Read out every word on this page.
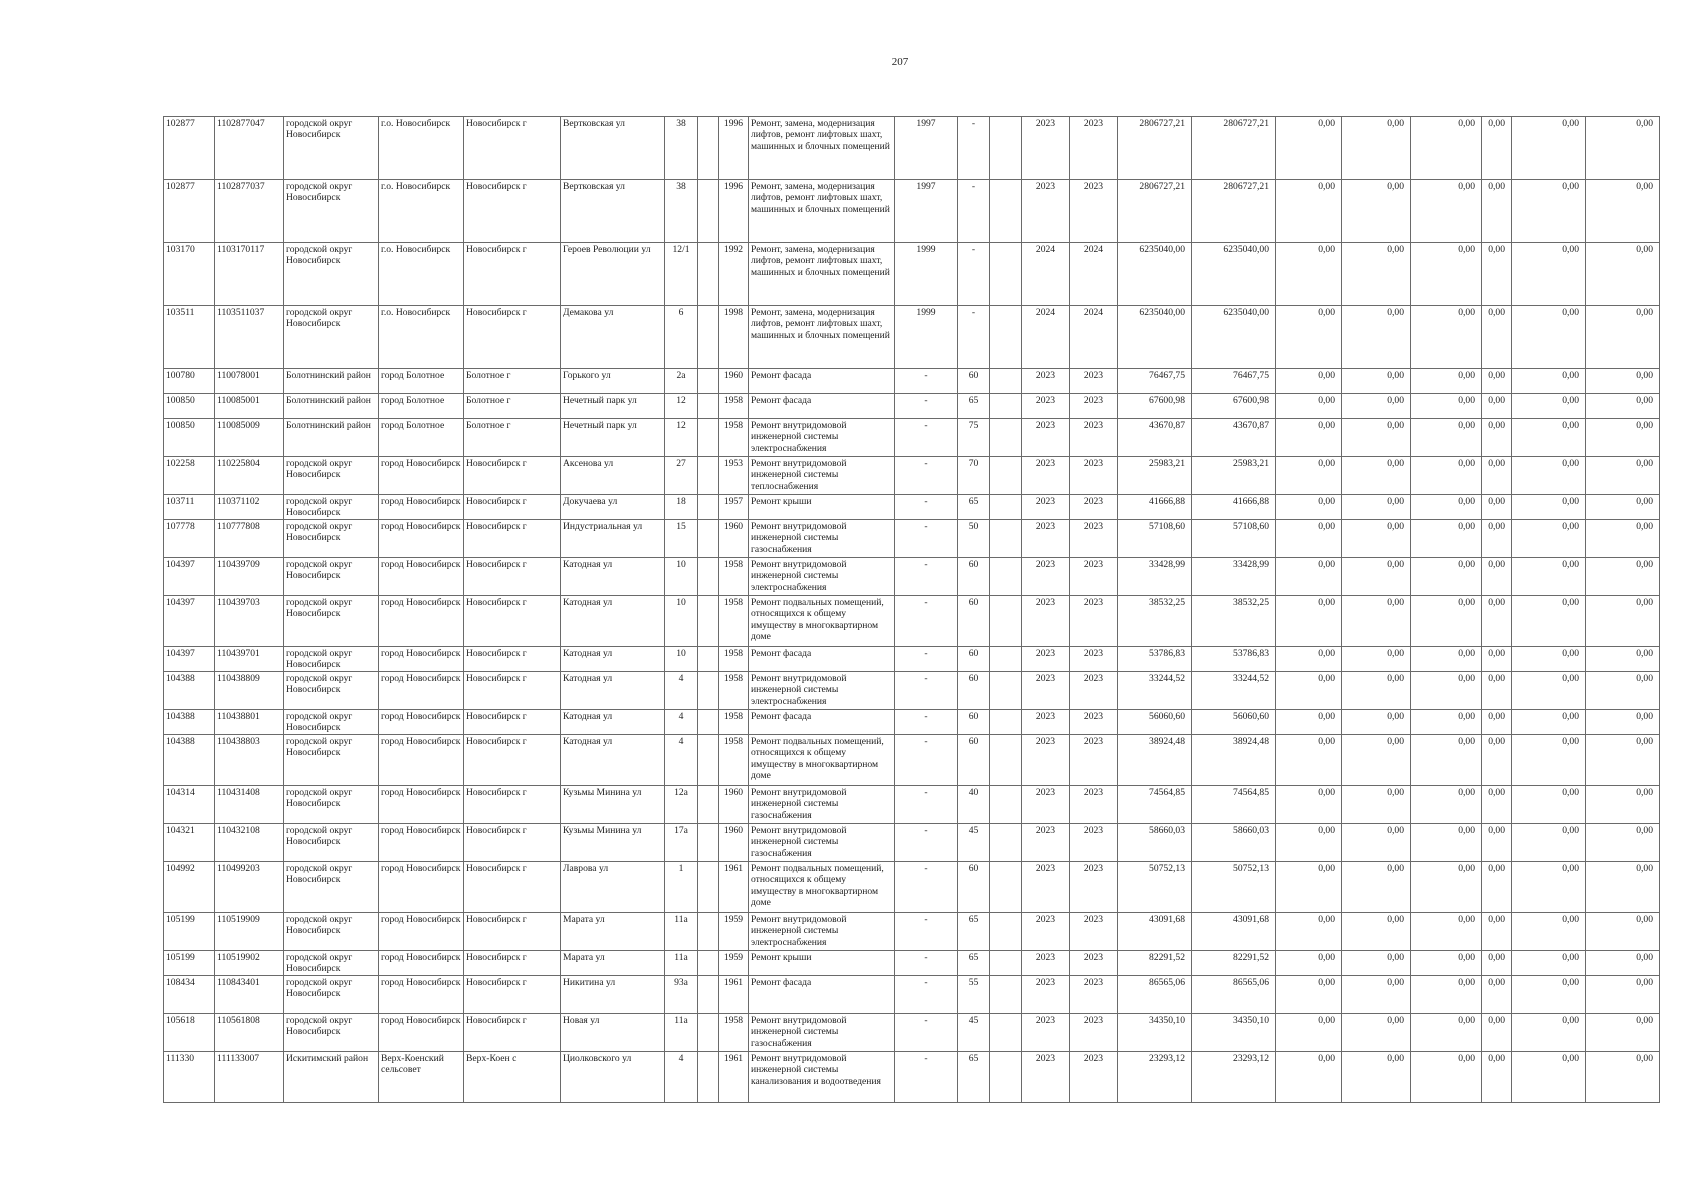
207
102877	1102877047	городской округ Новосибирск	г.о. Новосибирск	Новосибирск г	Вертковская ул	38		1996	Ремонт, замена, модернизация лифтов, ремонт лифтовых шахт, машинных и блочных помещений	1997	-		2023	2023	2806727,21	2806727,21	0,00	0,00	0,00	0,00	0,00	0,00
102877	1102877037	городской округ Новосибирск	г.о. Новосибирск	Новосибирск г	Вертковская ул	38		1996	Ремонт, замена, модернизация лифтов, ремонт лифтовых шахт, машинных и блочных помещений	1997	-		2023	2023	2806727,21	2806727,21	0,00	0,00	0,00	0,00	0,00	0,00
103170	1103170117	городской округ Новосибирск	г.о. Новосибирск	Новосибирск г	Героев Революции ул	12/1		1992	Ремонт, замена, модернизация лифтов, ремонт лифтовых шахт, машинных и блочных помещений	1999	-		2024	2024	6235040,00	6235040,00	0,00	0,00	0,00	0,00	0,00	0,00
103511	1103511037	городской округ Новосибирск	г.о. Новосибирск	Новосибирск г	Демакова ул	6		1998	Ремонт, замена, модернизация лифтов, ремонт лифтовых шахт, машинных и блочных помещений	1999	-		2024	2024	6235040,00	6235040,00	0,00	0,00	0,00	0,00	0,00	0,00
100780	110078001	Болотнинский район	город Болотное	Болотное г	Горького ул	2а		1960	Ремонт фасада	-	60		2023	2023	76467,75	76467,75	0,00	0,00	0,00	0,00	0,00	0,00
100850	110085001	Болотнинский район	город Болотное	Болотное г	Нечетный парк ул	12		1958	Ремонт фасада	-	65		2023	2023	67600,98	67600,98	0,00	0,00	0,00	0,00	0,00	0,00
100850	110085009	Болотнинский район	город Болотное	Болотное г	Нечетный парк ул	12		1958	Ремонт внутридомовой инженерной системы электроснабжения	-	75		2023	2023	43670,87	43670,87	0,00	0,00	0,00	0,00	0,00	0,00
102258	110225804	городской округ Новосибирск	город Новосибирск	Новосибирск г	Аксенова ул	27		1953	Ремонт внутридомовой инженерной системы теплоснабжения	-	70		2023	2023	25983,21	25983,21	0,00	0,00	0,00	0,00	0,00	0,00
103711	110371102	городской округ Новосибирск	город Новосибирск	Новосибирск г	Докучаева ул	18		1957	Ремонт крыши	-	65		2023	2023	41666,88	41666,88	0,00	0,00	0,00	0,00	0,00	0,00
107778	110777808	городской округ Новосибирск	город Новосибирск	Новосибирск г	Индустриальная ул	15		1960	Ремонт внутридомовой инженерной системы газоснабжения	-	50		2023	2023	57108,60	57108,60	0,00	0,00	0,00	0,00	0,00	0,00
104397	110439709	городской округ Новосибирск	город Новосибирск	Новосибирск г	Катодная ул	10		1958	Ремонт внутридомовой инженерной системы электроснабжения	-	60		2023	2023	33428,99	33428,99	0,00	0,00	0,00	0,00	0,00	0,00
104397	110439703	городской округ Новосибирск	город Новосибирск	Новосибирск г	Катодная ул	10		1958	Ремонт подвальных помещений, относящихся к общему имуществу в многоквартирном доме	-	60		2023	2023	38532,25	38532,25	0,00	0,00	0,00	0,00	0,00	0,00
104397	110439701	городской округ Новосибирск	город Новосибирск	Новосибирск г	Катодная ул	10		1958	Ремонт фасада	-	60		2023	2023	53786,83	53786,83	0,00	0,00	0,00	0,00	0,00	0,00
104388	110438809	городской округ Новосибирск	город Новосибирск	Новосибирск г	Катодная ул	4		1958	Ремонт внутридомовой инженерной системы электроснабжения	-	60		2023	2023	33244,52	33244,52	0,00	0,00	0,00	0,00	0,00	0,00
104388	110438801	городской округ Новосибирск	город Новосибирск	Новосибирск г	Катодная ул	4		1958	Ремонт фасада	-	60		2023	2023	56060,60	56060,60	0,00	0,00	0,00	0,00	0,00	0,00
104388	110438803	городской округ Новосибирск	город Новосибирск	Новосибирск г	Катодная ул	4		1958	Ремонт подвальных помещений, относящихся к общему имуществу в многоквартирном доме	-	60		2023	2023	38924,48	38924,48	0,00	0,00	0,00	0,00	0,00	0,00
104314	110431408	городской округ Новосибирск	город Новосибирск	Новосибирск г	Кузьмы Минина ул	12а		1960	Ремонт внутридомовой инженерной системы газоснабжения	-	40		2023	2023	74564,85	74564,85	0,00	0,00	0,00	0,00	0,00	0,00
104321	110432108	городской округ Новосибирск	город Новосибирск	Новосибирск г	Кузьмы Минина ул	17а		1960	Ремонт внутридомовой инженерной системы газоснабжения	-	45		2023	2023	58660,03	58660,03	0,00	0,00	0,00	0,00	0,00	0,00
104992	110499203	городской округ Новосибирск	город Новосибирск	Новосибирск г	Лаврова ул	1		1961	Ремонт подвальных помещений, относящихся к общему имуществу в многоквартирном доме	-	60		2023	2023	50752,13	50752,13	0,00	0,00	0,00	0,00	0,00	0,00
105199	110519909	городской округ Новосибирск	город Новосибирск	Новосибирск г	Марата ул	11а		1959	Ремонт внутридомовой инженерной системы электроснабжения	-	65		2023	2023	43091,68	43091,68	0,00	0,00	0,00	0,00	0,00	0,00
105199	110519902	городской округ Новосибирск	город Новосибирск	Новосибирск г	Марата ул	11а		1959	Ремонт крыши	-	65		2023	2023	82291,52	82291,52	0,00	0,00	0,00	0,00	0,00	0,00
108434	110843401	городской округ Новосибирск	город Новосибирск	Новосибирск г	Никитина ул	93а		1961	Ремонт фасада	-	55		2023	2023	86565,06	86565,06	0,00	0,00	0,00	0,00	0,00	0,00
105618	110561808	городской округ Новосибирск	город Новосибирск	Новосибирск г	Новая ул	11а		1958	Ремонт внутридомовой инженерной системы газоснабжения	-	45		2023	2023	34350,10	34350,10	0,00	0,00	0,00	0,00	0,00	0,00
111330	111133007	Искитимский район	Верх-Коенский сельсовет	Верх-Коен с	Циолковского ул	4		1961	Ремонт внутридомовой инженерной системы канализования и водоотведения	-	65		2023	2023	23293,12	23293,12	0,00	0,00	0,00	0,00	0,00	0,00
